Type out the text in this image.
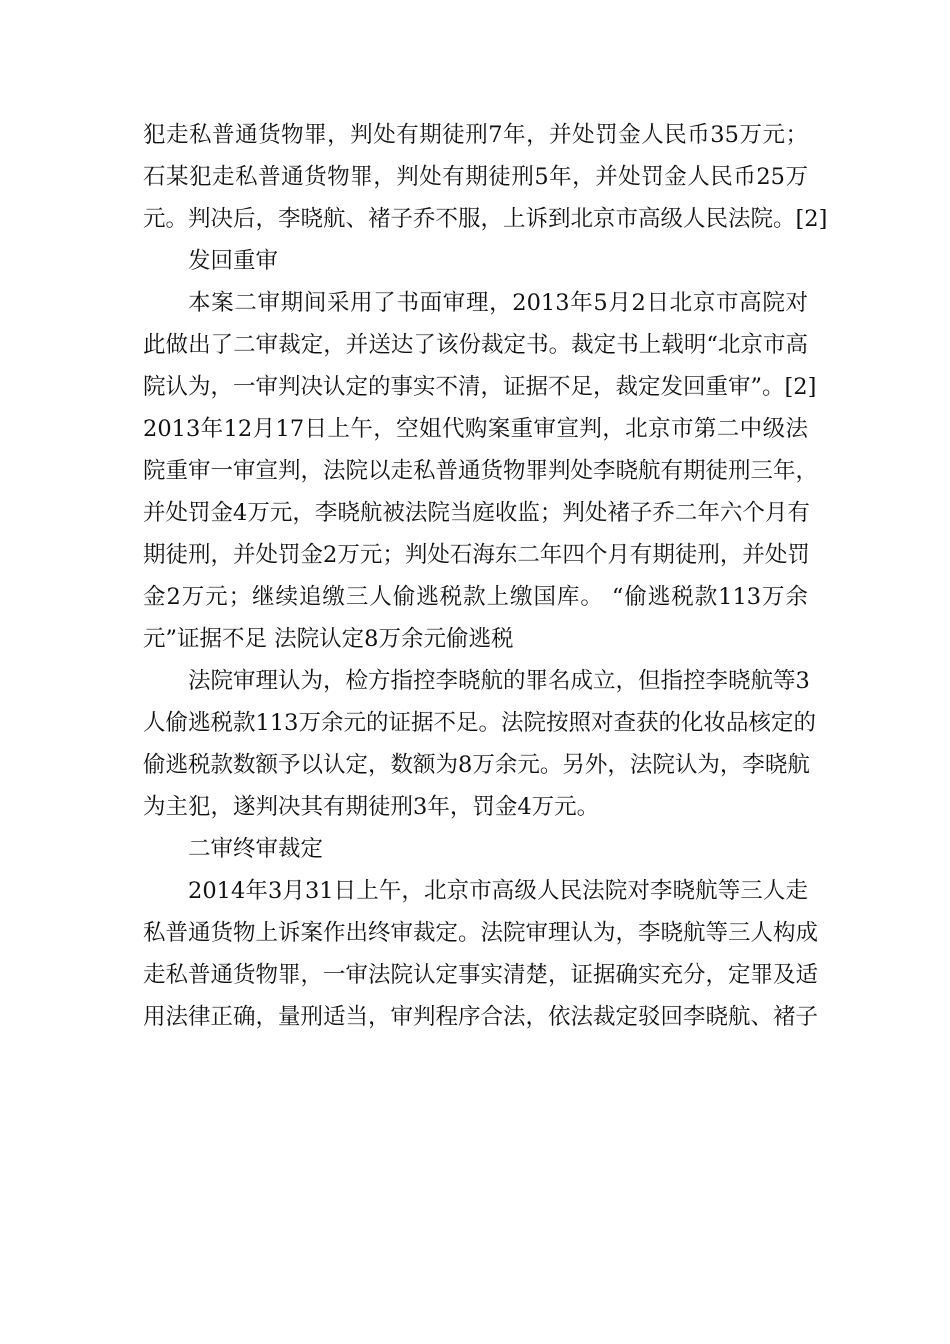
犯走私普通货物罪，判处有期徒刑7年，并处罚金人民币35万元；
石某犯走私普通货物罪，判处有期徒刑5年，并处罚金人民币25万
元。判决后，李晓航、褚子乔不服，上诉到北京市高级人民法院。[2]
发回重审
本案二审期间采用了书面审理，2013年5月2日北京市高院对
此做出了二审裁定，并送达了该份裁定书。裁定书上载明“北京市高
院认为，一审判决认定的事实不清，证据不足，裁定发回重审”。[2]
2013年12月17日上午，空姐代购案重审宣判，北京市第二中级法
院重审一审宣判，法院以走私普通货物罪判处李晓航有期徒刑三年，
并处罚金4万元，李晓航被法院当庭收监；判处褚子乔二年六个月有
期徒刑，并处罚金2万元；判处石海东二年四个月有期徒刑，并处罚
金2万元；继续追缴三人偷逃税款上缴国库。 “偷逃税款113万余
元”证据不足 法院认定8万余元偷逃税
法院审理认为，检方指控李晓航的罪名成立，但指控李晓航等3
人偷逃税款113万余元的证据不足。法院按照对查获的化妆品核定的
偷逃税款数额予以认定，数额为8万余元。另外，法院认为，李晓航
为主犯，遂判决其有期徒刑3年，罚金4万元。
二审终审裁定
2014年3月31日上午，北京市高级人民法院对李晓航等三人走
私普通货物上诉案作出终审裁定。法院审理认为，李晓航等三人构成
走私普通货物罪，一审法院认定事实清楚，证据确实充分，定罪及适
用法律正确，量刑适当，审判程序合法，依法裁定驳回李晓航、褚子
